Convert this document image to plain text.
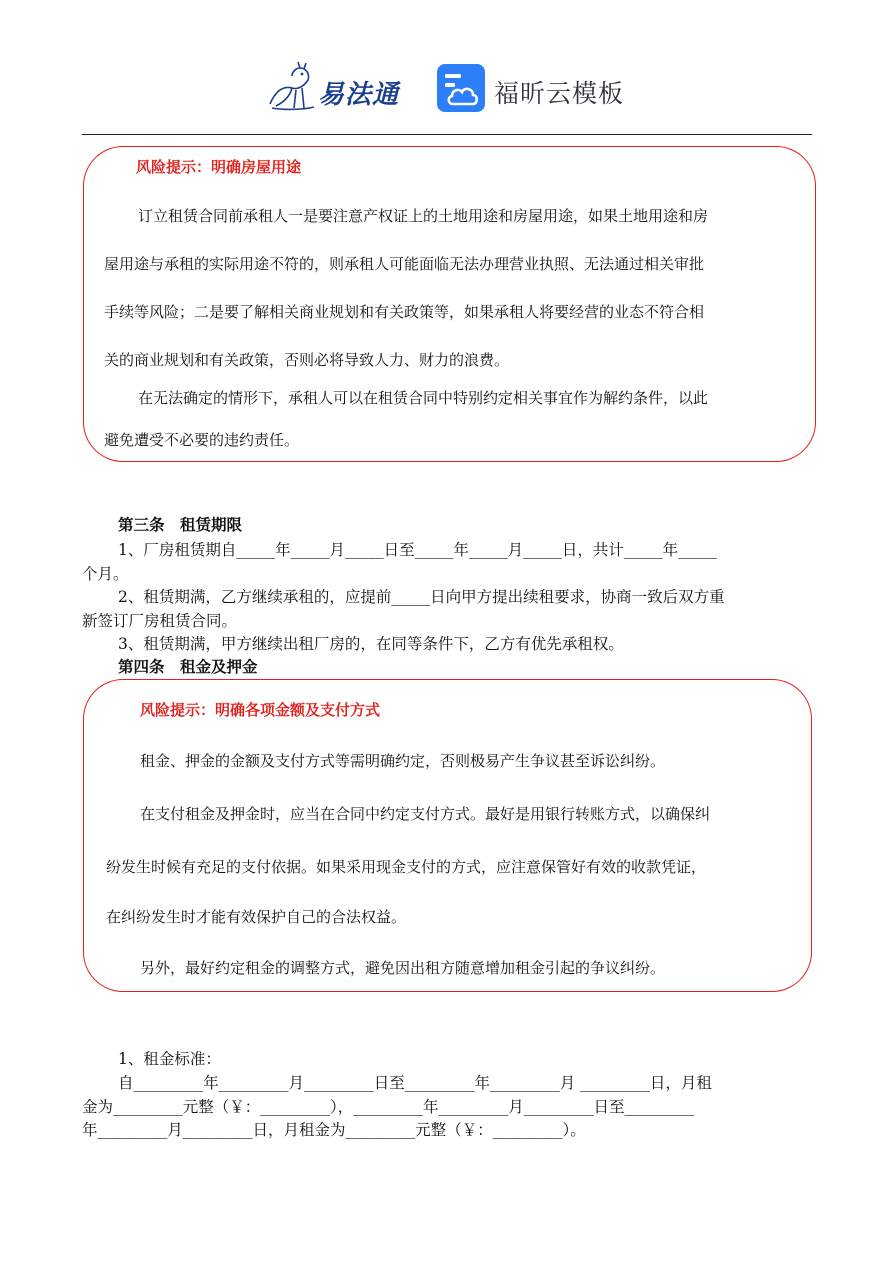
易法通	福昕云模板
风险提示：明确房屋用途
订立租赁合同前承租人一是要注意产权证上的土地用途和房屋用途，如果土地用途和房
屋用途与承租的实际用途不符的，则承租人可能面临无法办理营业执照、无法通过相关审批
手续等风险；二是要了解相关商业规划和有关政策等，如果承租人将要经营的业态不符合相
关的商业规划和有关政策，否则必将导致人力、财力的浪费。
在无法确定的情形下，承租人可以在租赁合同中特别约定相关事宜作为解约条件，以此
避免遭受不必要的违约责任。
第三条　租赁期限
1、厂房租赁期自_____年_____月_____日至_____年_____月_____日，共计_____年_____
个月。
2、租赁期满，乙方继续承租的，应提前_____日向甲方提出续租要求，协商一致后双方重
新签订厂房租赁合同。
3、租赁期满，甲方继续出租厂房的，在同等条件下，乙方有优先承租权。
第四条　租金及押金
风险提示：明确各项金额及支付方式
租金、押金的金额及支付方式等需明确约定，否则极易产生争议甚至诉讼纠纷。
在支付租金及押金时，应当在合同中约定支付方式。最好是用银行转账方式，以确保纠
纷发生时候有充足的支付依据。如果采用现金支付的方式，应注意保管好有效的收款凭证，
在纠纷发生时才能有效保护自己的合法权益。
另外，最好约定租金的调整方式，避免因出租方随意增加租金引起的争议纠纷。
1、租金标准：
自_________年_________月_________日至_________年_________月 _________日，月租
金为_________元整（￥：_________），_________年_________月_________日至_________
年_________月_________日，月租金为_________元整（￥：_________）。
